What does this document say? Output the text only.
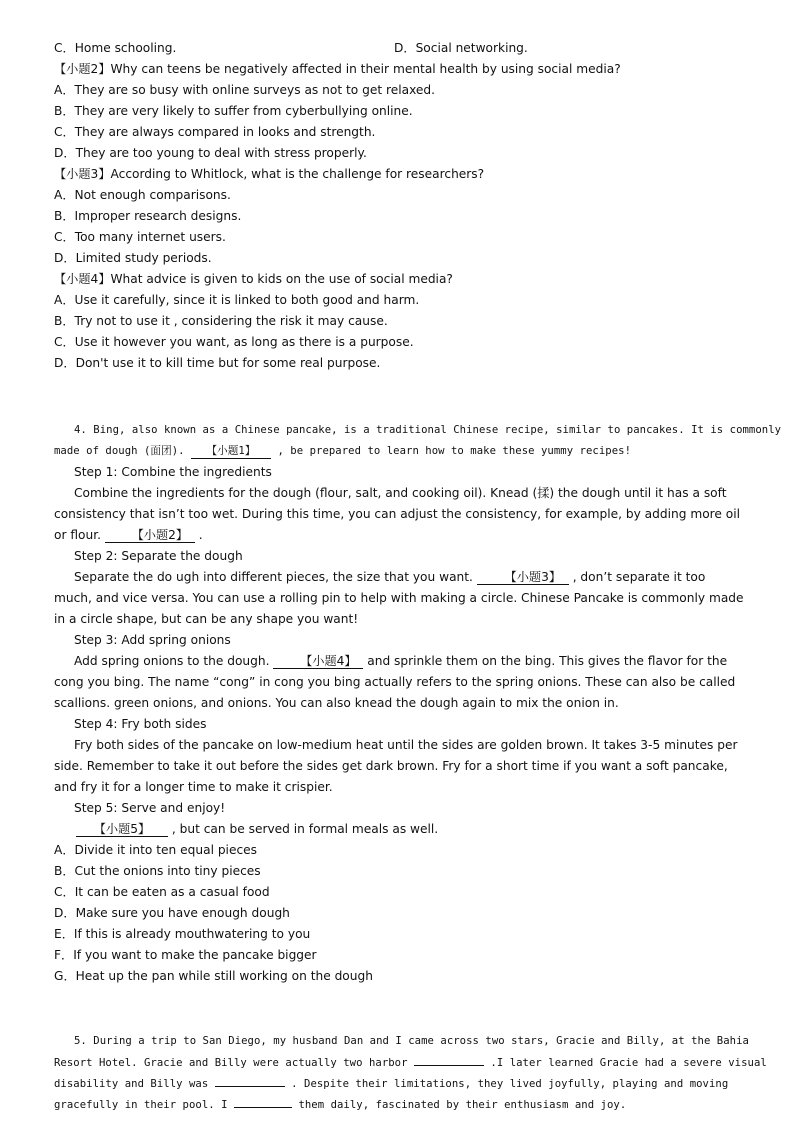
C．Home schooling.	D．Social networking.
【小题2】Why can teens be negatively affected in their mental health by using social media?
A．They are so busy with online surveys as not to get relaxed.
B．They are very likely to suffer from cyberbullying online.
C．They are always compared in looks and strength.
D．They are too young to deal with stress properly.
【小题3】According to Whitlock, what is the challenge for researchers?
A．Not enough comparisons.
B．Improper research designs.
C．Too many internet users.
D．Limited study periods.
【小题4】What advice is given to kids on the use of social media?
A．Use it carefully, since it is linked to both good and harm.
B．Try not to use it , considering the risk it may cause.
C．Use it however you want, as long as there is a purpose.
D．Don't use it to kill time but for some real purpose.
4. Bing, also known as a Chinese pancake, is a traditional Chinese recipe, similar to pancakes. It is commonly
made of dough (面团). 【小题1】 , be prepared to learn how to make these yummy recipes!
Step 1: Combine the ingredients
Combine the ingredients for the dough (flour, salt, and cooking oil). Knead (揉) the dough until it has a soft consistency that isn’t too wet. During this time, you can adjust the consistency, for example, by adding more oil or flour.	【小题2】 .
Step 2: Separate the dough
Separate the do ugh into different pieces, the size that you want.	【小题3】 , don’t separate it too much, and vice versa. You can use a rolling pin to help with making a circle. Chinese Pancake is commonly made in a circle shape, but can be any shape you want!
Step 3: Add spring onions
Add spring onions to the dough.	【小题4】 and sprinkle them on the bing. This gives the flavor for the cong you bing. The name “cong” in cong you bing actually refers to the spring onions. These can also be called scallions. green onions, and onions. You can also knead the dough again to mix the onion in.
Step 4: Fry both sides
Fry both sides of the pancake on low-medium heat until the sides are golden brown. It takes 3-5 minutes per side. Remember to take it out before the sides get dark brown. Fry for a short time if you want a soft pancake, and fry it for a longer time to make it crispier.
Step 5: Serve and enjoy!
【小题5】 , but can be served in formal meals as well.
A．Divide it into ten equal pieces
B．Cut the onions into tiny pieces
C．It can be eaten as a casual food
D．Make sure you have enough dough
E．If this is already mouthwatering to you
F．If you want to make the pancake bigger
G．Heat up the pan while still working on the dough
5. During a trip to San Diego, my husband Dan and I came across two stars, Gracie and Billy, at the Bahia
Resort Hotel. Gracie and Billy were actually two harbor	.I later learned Gracie had a severe visual
disability and Billy was	. Despite their limitations, they lived joyfully, playing and moving
gracefully in their pool. I	them daily, fascinated by their enthusiasm and joy.
